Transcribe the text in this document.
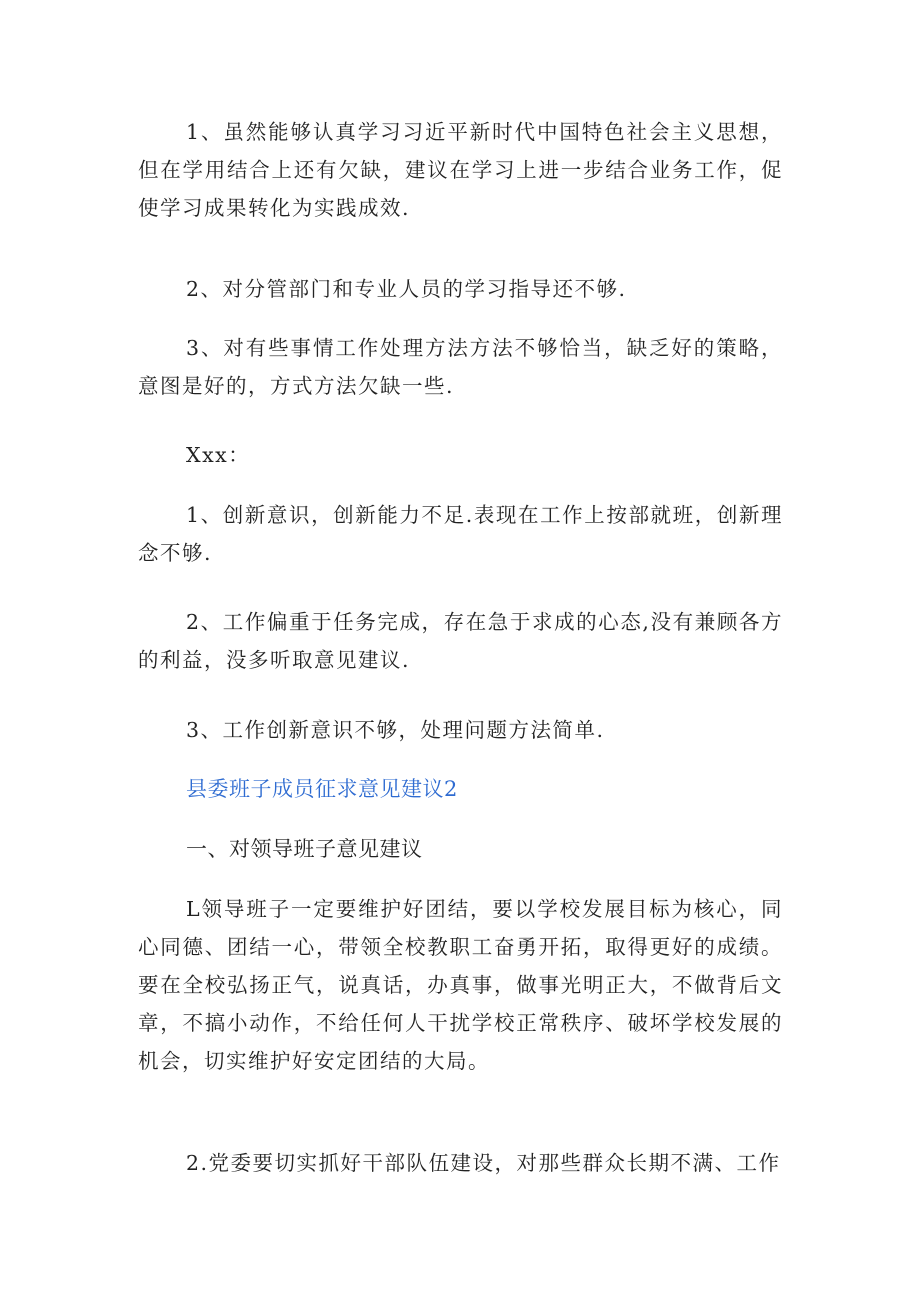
1、虽然能够认真学习习近平新时代中国特色社会主义思想，但在学用结合上还有欠缺，建议在学习上进一步结合业务工作，促使学习成果转化为实践成效.

2、对分管部门和专业人员的学习指导还不够.

3、对有些事情工作处理方法方法不够恰当，缺乏好的策略，意图是好的，方式方法欠缺一些.

Xxx：

1、创新意识，创新能力不足.表现在工作上按部就班，创新理念不够.

2、工作偏重于任务完成，存在急于求成的心态,没有兼顾各方的利益，没多听取意见建议.

3、工作创新意识不够，处理问题方法简单.

县委班子成员征求意见建议2

一、对领导班子意见建议

L领导班子一定要维护好团结，要以学校发展目标为核心，同心同德、团结一心，带领全校教职工奋勇开拓，取得更好的成绩。要在全校弘扬正气，说真话，办真事，做事光明正大，不做背后文章，不搞小动作，不给任何人干扰学校正常秩序、破坏学校发展的机会，切实维护好安定团结的大局。

2.党委要切实抓好干部队伍建设，对那些群众长期不满、工作
